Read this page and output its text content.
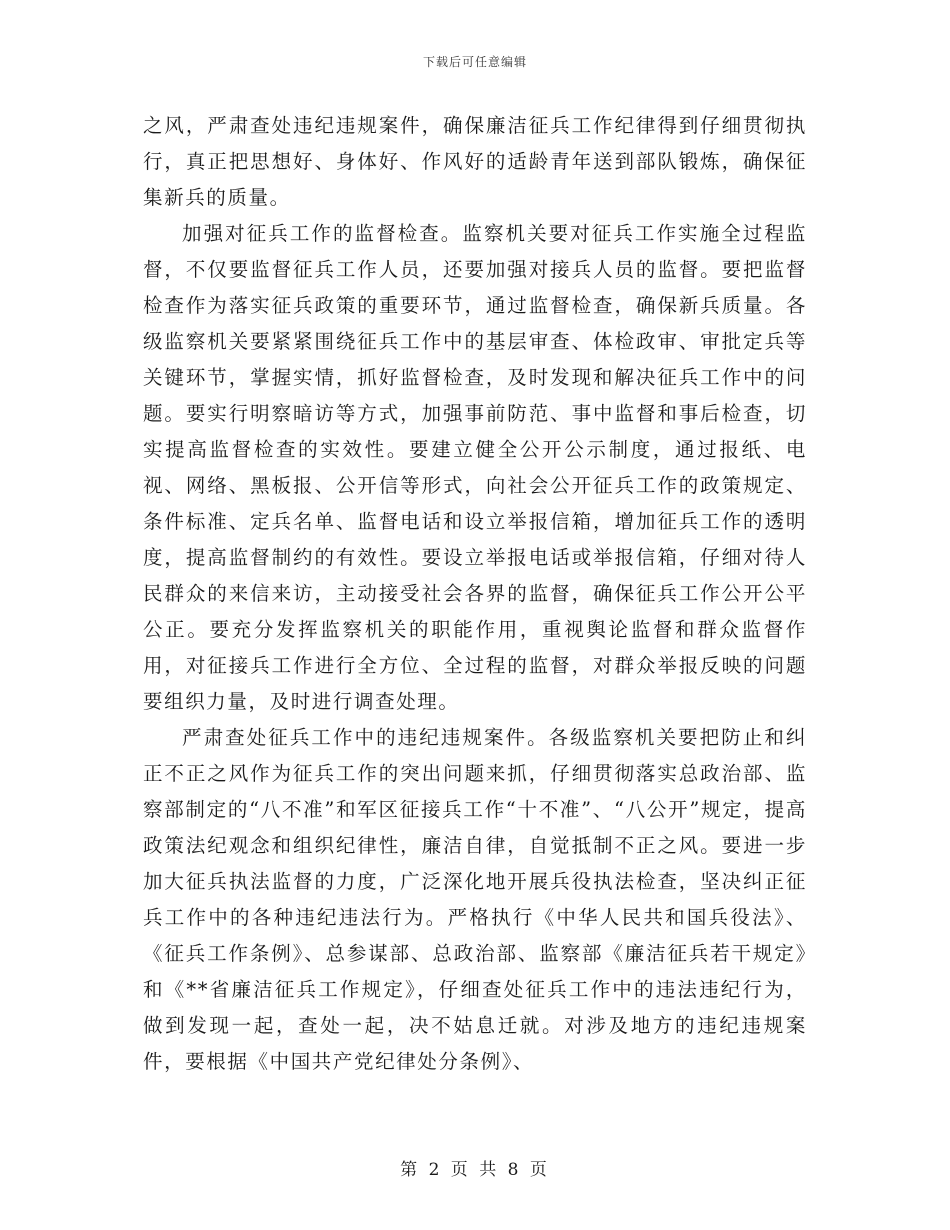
下载后可任意编辑

之风，严肃查处违纪违规案件，确保廉洁征兵工作纪律得到仔细贯彻执行，真正把思想好、身体好、作风好的适龄青年送到部队锻炼，确保征集新兵的质量。

加强对征兵工作的监督检查。监察机关要对征兵工作实施全过程监督，不仅要监督征兵工作人员，还要加强对接兵人员的监督。要把监督检查作为落实征兵政策的重要环节，通过监督检查，确保新兵质量。各级监察机关要紧紧围绕征兵工作中的基层审查、体检政审、审批定兵等关键环节，掌握实情，抓好监督检查，及时发现和解决征兵工作中的问题。要实行明察暗访等方式，加强事前防范、事中监督和事后检查，切实提高监督检查的实效性。要建立健全公开公示制度，通过报纸、电视、网络、黑板报、公开信等形式，向社会公开征兵工作的政策规定、条件标准、定兵名单、监督电话和设立举报信箱，增加征兵工作的透明度，提高监督制约的有效性。要设立举报电话或举报信箱，仔细对待人民群众的来信来访，主动接受社会各界的监督，确保征兵工作公开公平公正。要充分发挥监察机关的职能作用，重视舆论监督和群众监督作用，对征接兵工作进行全方位、全过程的监督，对群众举报反映的问题要组织力量，及时进行调查处理。

严肃查处征兵工作中的违纪违规案件。各级监察机关要把防止和纠正不正之风作为征兵工作的突出问题来抓，仔细贯彻落实总政治部、监察部制定的“八不准”和军区征接兵工作“十不准”、“八公开”规定，提高政策法纪观念和组织纪律性，廉洁自律，自觉抵制不正之风。要进一步加大征兵执法监督的力度，广泛深化地开展兵役执法检查，坚决纠正征兵工作中的各种违纪违法行为。严格执行《中华人民共和国兵役法》、《征兵工作条例》、总参谋部、总政治部、监察部《廉洁征兵若干规定》和《**省廉洁征兵工作规定》，仔细查处征兵工作中的违法违纪行为，做到发现一起，查处一起，决不姑息迁就。对涉及地方的违纪违规案件，要根据《中国共产党纪律处分条例》、

第 2 页 共 8 页
